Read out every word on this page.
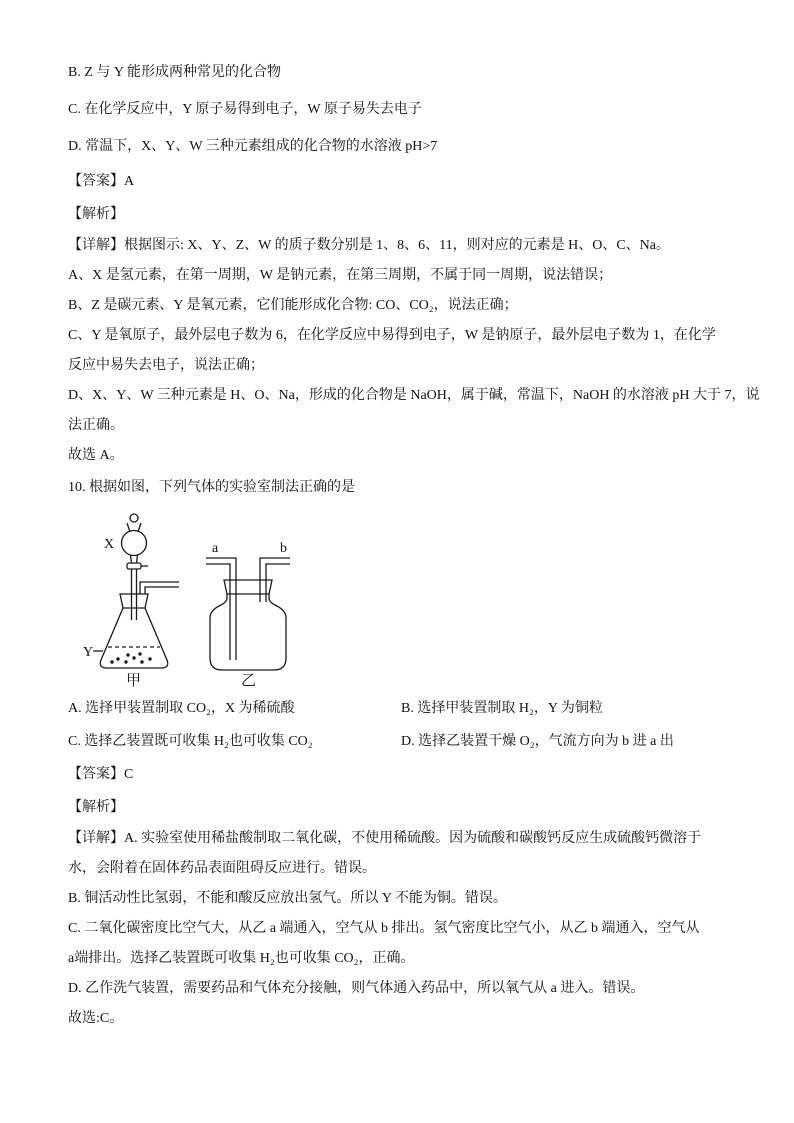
B. Z 与 Y 能形成两种常见的化合物
C. 在化学反应中，Y 原子易得到电子，W 原子易失去电子
D. 常温下，X、Y、W 三种元素组成的化合物的水溶液 pH>7
【答案】A
【解析】
【详解】根据图示: X、Y、Z、W 的质子数分别是 1、8、6、11，则对应的元素是 H、O、C、Na。
A、X 是氢元素，在第一周期，W 是钠元素，在第三周期，不属于同一周期，说法错误；
B、Z 是碳元素、Y 是氧元素，它们能形成化合物: CO、CO₂，说法正确；
C、Y 是氧原子，最外层电子数为 6，在化学反应中易得到电子，W 是钠原子，最外层电子数为 1，在化学
反应中易失去电子，说法正确；
D、X、Y、W 三种元素是 H、O、Na，形成的化合物是 NaOH，属于碱，常温下，NaOH 的水溶液 pH 大于 7，说
法正确。
故选 A。
10. 根据如图，下列气体的实验室制法正确的是
X
Y
甲
a	b
乙
A. 选择甲装置制取 CO₂，X 为稀硫酸	B. 选择甲装置制取 H₂，Y 为铜粒
C. 选择乙装置既可收集 H₂也可收集 CO₂	D. 选择乙装置干燥 O₂，气流方向为 b 进 a 出
【答案】C
【解析】
【详解】A. 实验室使用稀盐酸制取二氧化碳，不使用稀硫酸。因为硫酸和碳酸钙反应生成硫酸钙微溶于
水，会附着在固体药品表面阻碍反应进行。错误。
B. 铜活动性比氢弱，不能和酸反应放出氢气。所以 Y 不能为铜。错误。
C. 二氧化碳密度比空气大，从乙 a 端通入，空气从 b 排出。氢气密度比空气小，从乙 b 端通入，空气从
a端排出。选择乙装置既可收集 H₂也可收集 CO₂，正确。
D. 乙作洗气装置，需要药品和气体充分接触，则气体通入药品中，所以氧气从 a 进入。错误。
故选:C。
